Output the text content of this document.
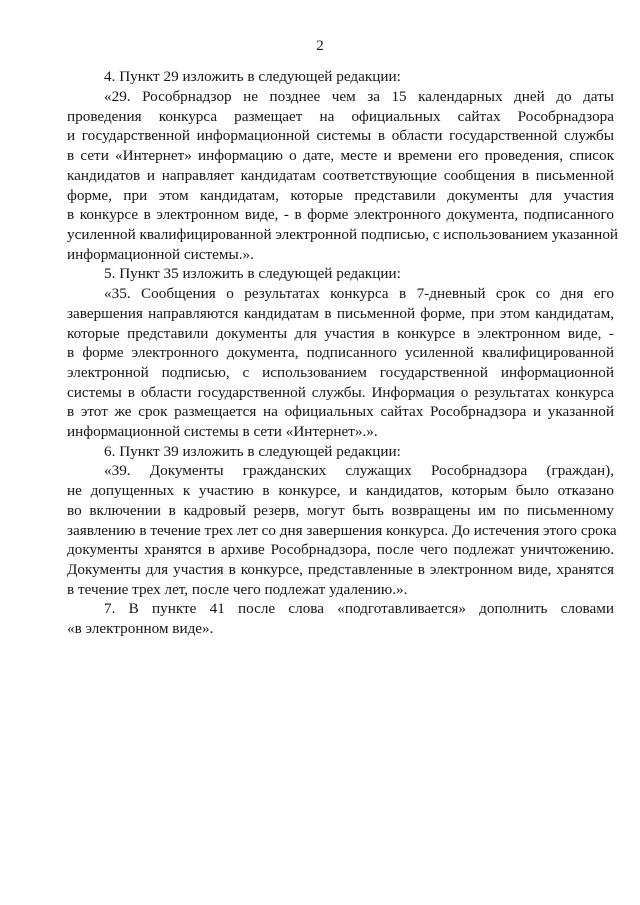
2
4. Пункт 29 изложить в следующей редакции:
«29. Рособрнадзор не позднее чем за 15 календарных дней до даты
проведения конкурса размещает на официальных сайтах Рособрнадзора
и государственной информационной системы в области государственной службы
в сети «Интернет» информацию о дате, месте и времени его проведения, список
кандидатов и направляет кандидатам соответствующие сообщения в письменной
форме, при этом кандидатам, которые представили документы для участия
в конкурсе в электронном виде, - в форме электронного документа, подписанного
усиленной квалифицированной электронной подписью, с использованием указанной
информационной системы.».
5. Пункт 35 изложить в следующей редакции:
«35. Сообщения о результатах конкурса в 7-дневный срок со дня его
завершения направляются кандидатам в письменной форме, при этом кандидатам,
которые представили документы для участия в конкурсе в электронном виде, -
в форме электронного документа, подписанного усиленной квалифицированной
электронной подписью, с использованием государственной информационной
системы в области государственной службы. Информация о результатах конкурса
в этот же срок размещается на официальных сайтах Рособрнадзора и указанной
информационной системы в сети «Интернет».».
6. Пункт 39 изложить в следующей редакции:
«39. Документы гражданских служащих Рособрнадзора (граждан),
не допущенных к участию в конкурсе, и кандидатов, которым было отказано
во включении в кадровый резерв, могут быть возвращены им по письменному
заявлению в течение трех лет со дня завершения конкурса. До истечения этого срока
документы хранятся в архиве Рособрнадзора, после чего подлежат уничтожению.
Документы для участия в конкурсе, представленные в электронном виде, хранятся
в течение трех лет, после чего подлежат удалению.».
7. В пункте 41 после слова «подготавливается» дополнить словами
«в электронном виде».
